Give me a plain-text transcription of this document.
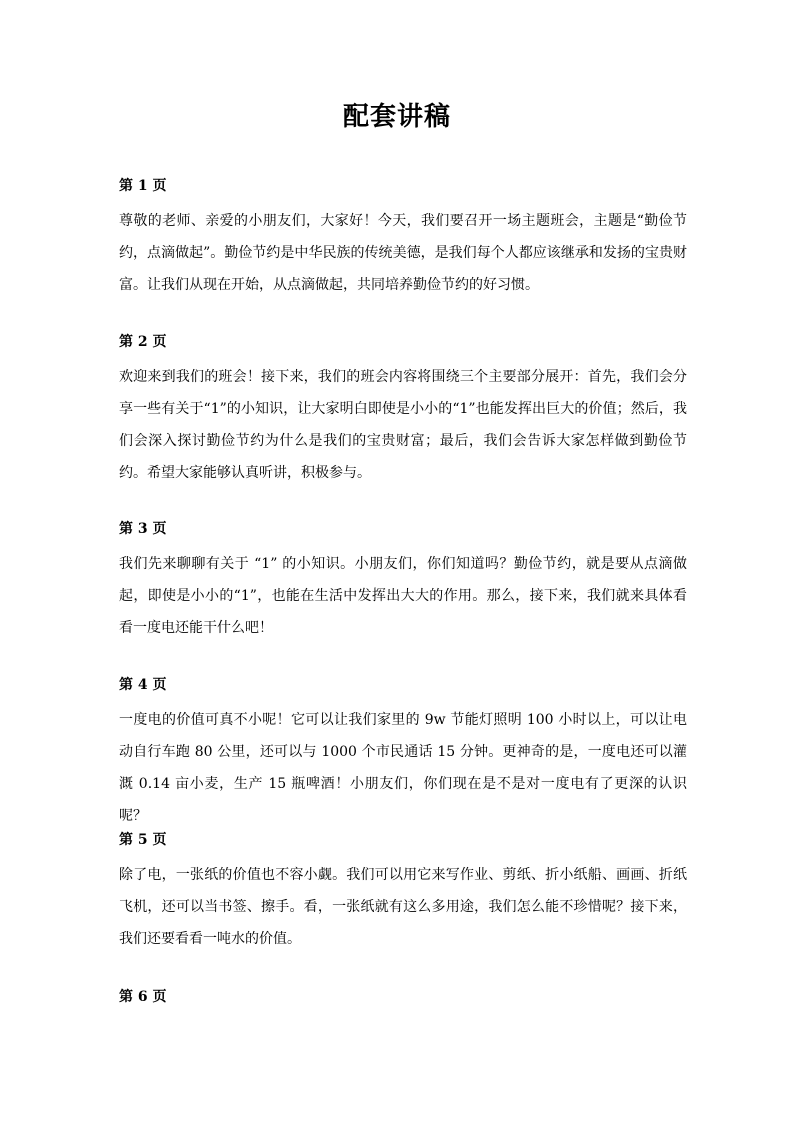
配套讲稿
第 1 页

尊敬的老师、亲爱的小朋友们，大家好！今天，我们要召开一场主题班会，主题是“勤俭节约，点滴做起”。勤俭节约是中华民族的传统美德，是我们每个人都应该继承和发扬的宝贵财富。让我们从现在开始，从点滴做起，共同培养勤俭节约的好习惯。

第 2 页

欢迎来到我们的班会！接下来，我们的班会内容将围绕三个主要部分展开：首先，我们会分享一些有关于“1”的小知识，让大家明白即使是小小的“1”也能发挥出巨大的价值；然后，我们会深入探讨勤俭节约为什么是我们的宝贵财富；最后，我们会告诉大家怎样做到勤俭节约。希望大家能够认真听讲，积极参与。

第 3 页

我们先来聊聊有关于 “1” 的小知识。小朋友们，你们知道吗？勤俭节约，就是要从点滴做起，即使是小小的“1”，也能在生活中发挥出大大的作用。那么，接下来，我们就来具体看看一度电还能干什么吧！

第 4 页

一度电的价值可真不小呢！它可以让我们家里的 9w 节能灯照明 100 小时以上，可以让电动自行车跑 80 公里，还可以与 1000 个市民通话 15 分钟。更神奇的是，一度电还可以灌溉 0.14 亩小麦，生产 15 瓶啤酒！小朋友们，你们现在是不是对一度电有了更深的认识呢？

第 5 页

除了电，一张纸的价值也不容小觑。我们可以用它来写作业、剪纸、折小纸船、画画、折纸飞机，还可以当书签、擦手。看，一张纸就有这么多用途，我们怎么能不珍惜呢？接下来，我们还要看看一吨水的价值。

第 6 页
